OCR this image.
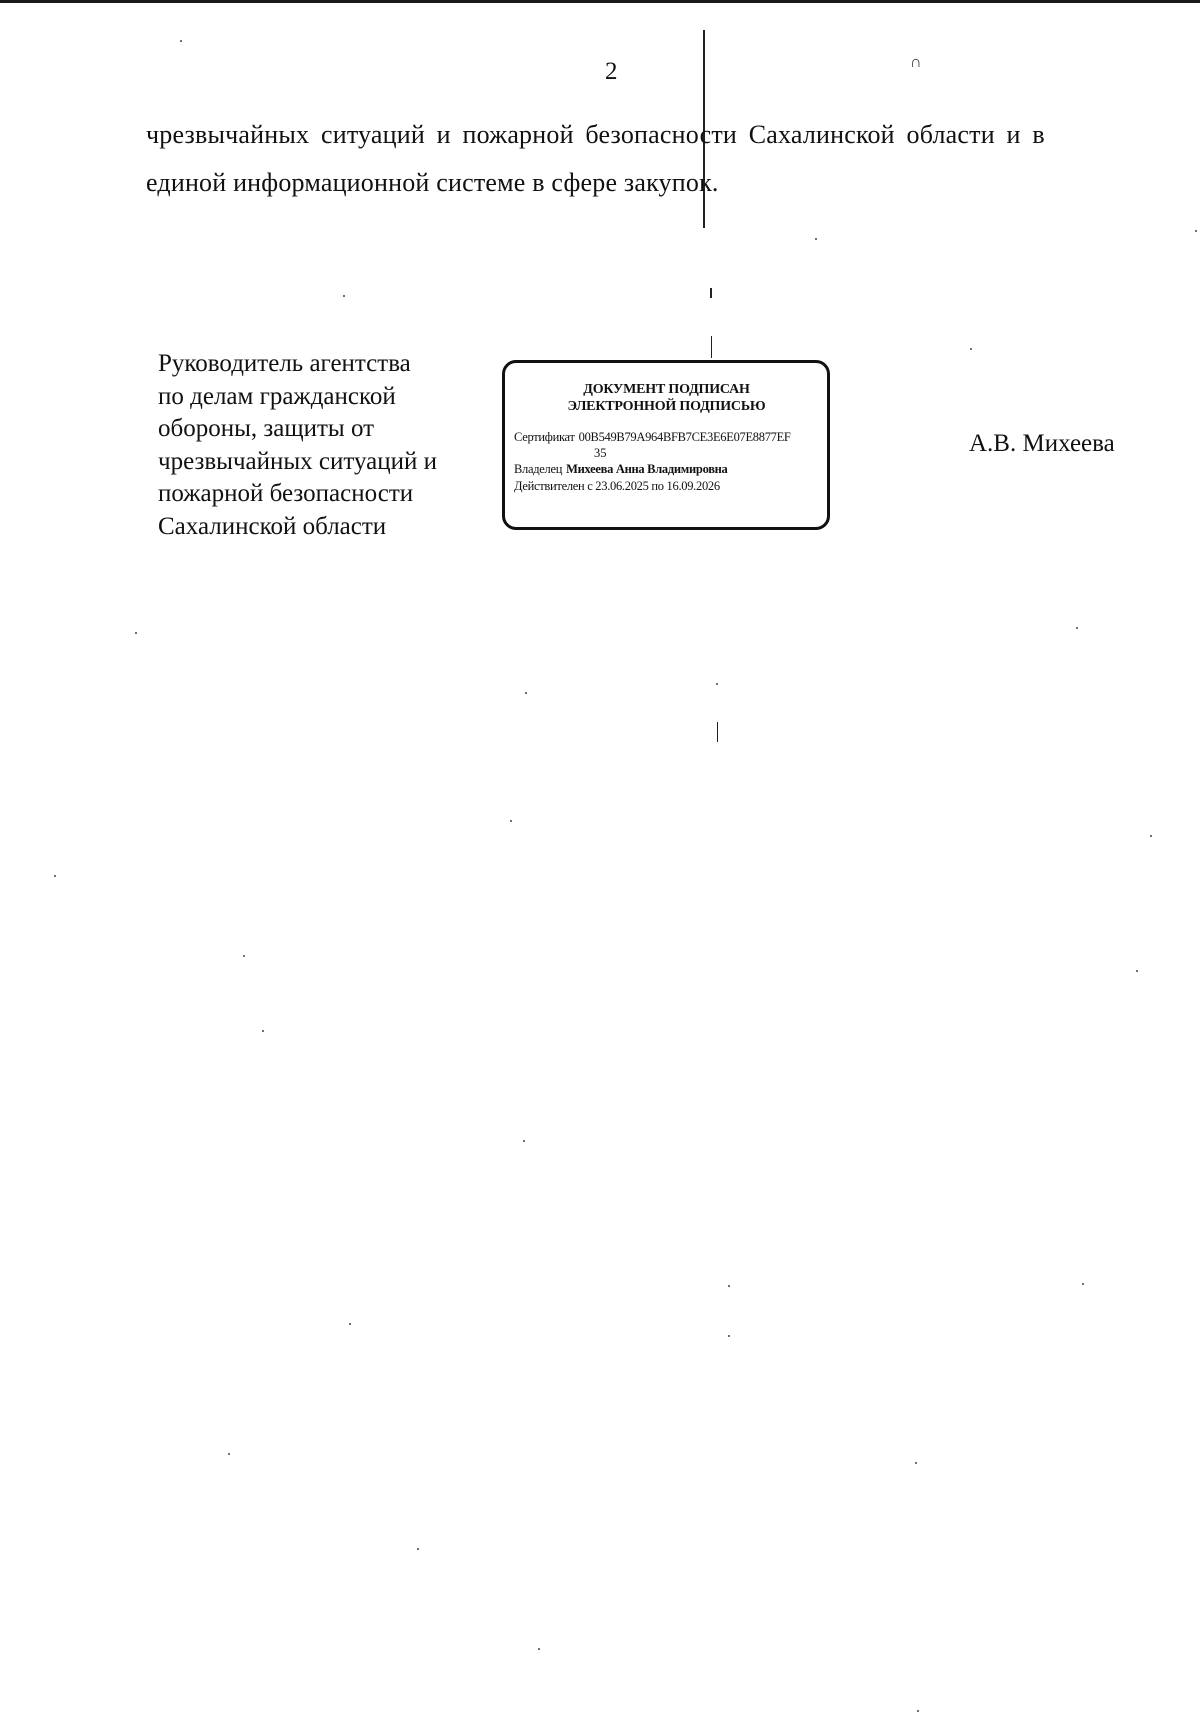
∩
2
чрезвычайных ситуаций и пожарной безопасности Сахалинской области и в
единой информационной системе в сфере закупок.
Руководитель агентства
по делам гражданской
обороны, защиты от
чрезвычайных ситуаций и
пожарной безопасности
Сахалинской области
ДОКУМЕНТ ПОДПИСАН
ЭЛЕКТРОННОЙ ПОДПИСЬЮ
Сертификат 00B549B79A964BFB7CE3E6E07E8877EF
35
Владелец Михеева Анна Владимировна
Действителен с 23.06.2025 по 16.09.2026
А.В. Михеева
